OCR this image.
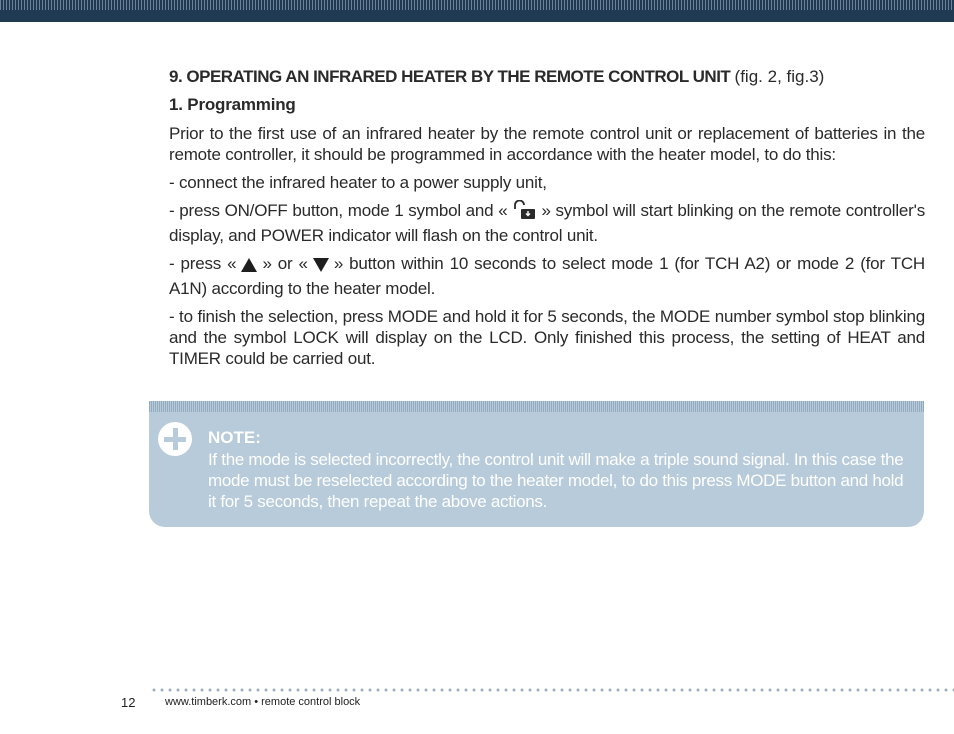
9. OPERATING AN INFRARED HEATER BY THE REMOTE CONTROL UNIT (fig. 2, fig.3)

1. Programming

Prior to the first use of an infrared heater by the remote control unit or replacement of batteries in the remote controller, it should be programmed in accordance with the heater model, to do this:

- connect the infrared heater to a power supply unit,

- press ON/OFF button, mode 1 symbol and « » symbol will start blinking on the remote controller's display, and POWER indicator will flash on the control unit.

- press « » or « » button within 10 seconds to select mode 1 (for TCH A2) or mode 2 (for TCH A1N) according to the heater model.

- to finish the selection, press MODE and hold it for 5 seconds, the MODE number symbol stop blinking and the symbol LOCK will display on the LCD. Only finished this process, the setting of HEAT and TIMER could be carried out.

NOTE:
If the mode is selected incorrectly, the control unit will make a triple sound signal. In this case the mode must be reselected according to the heater model, to do this press MODE button and hold it for 5 seconds, then repeat the above actions.
12	www.timberk.com • remote control block
